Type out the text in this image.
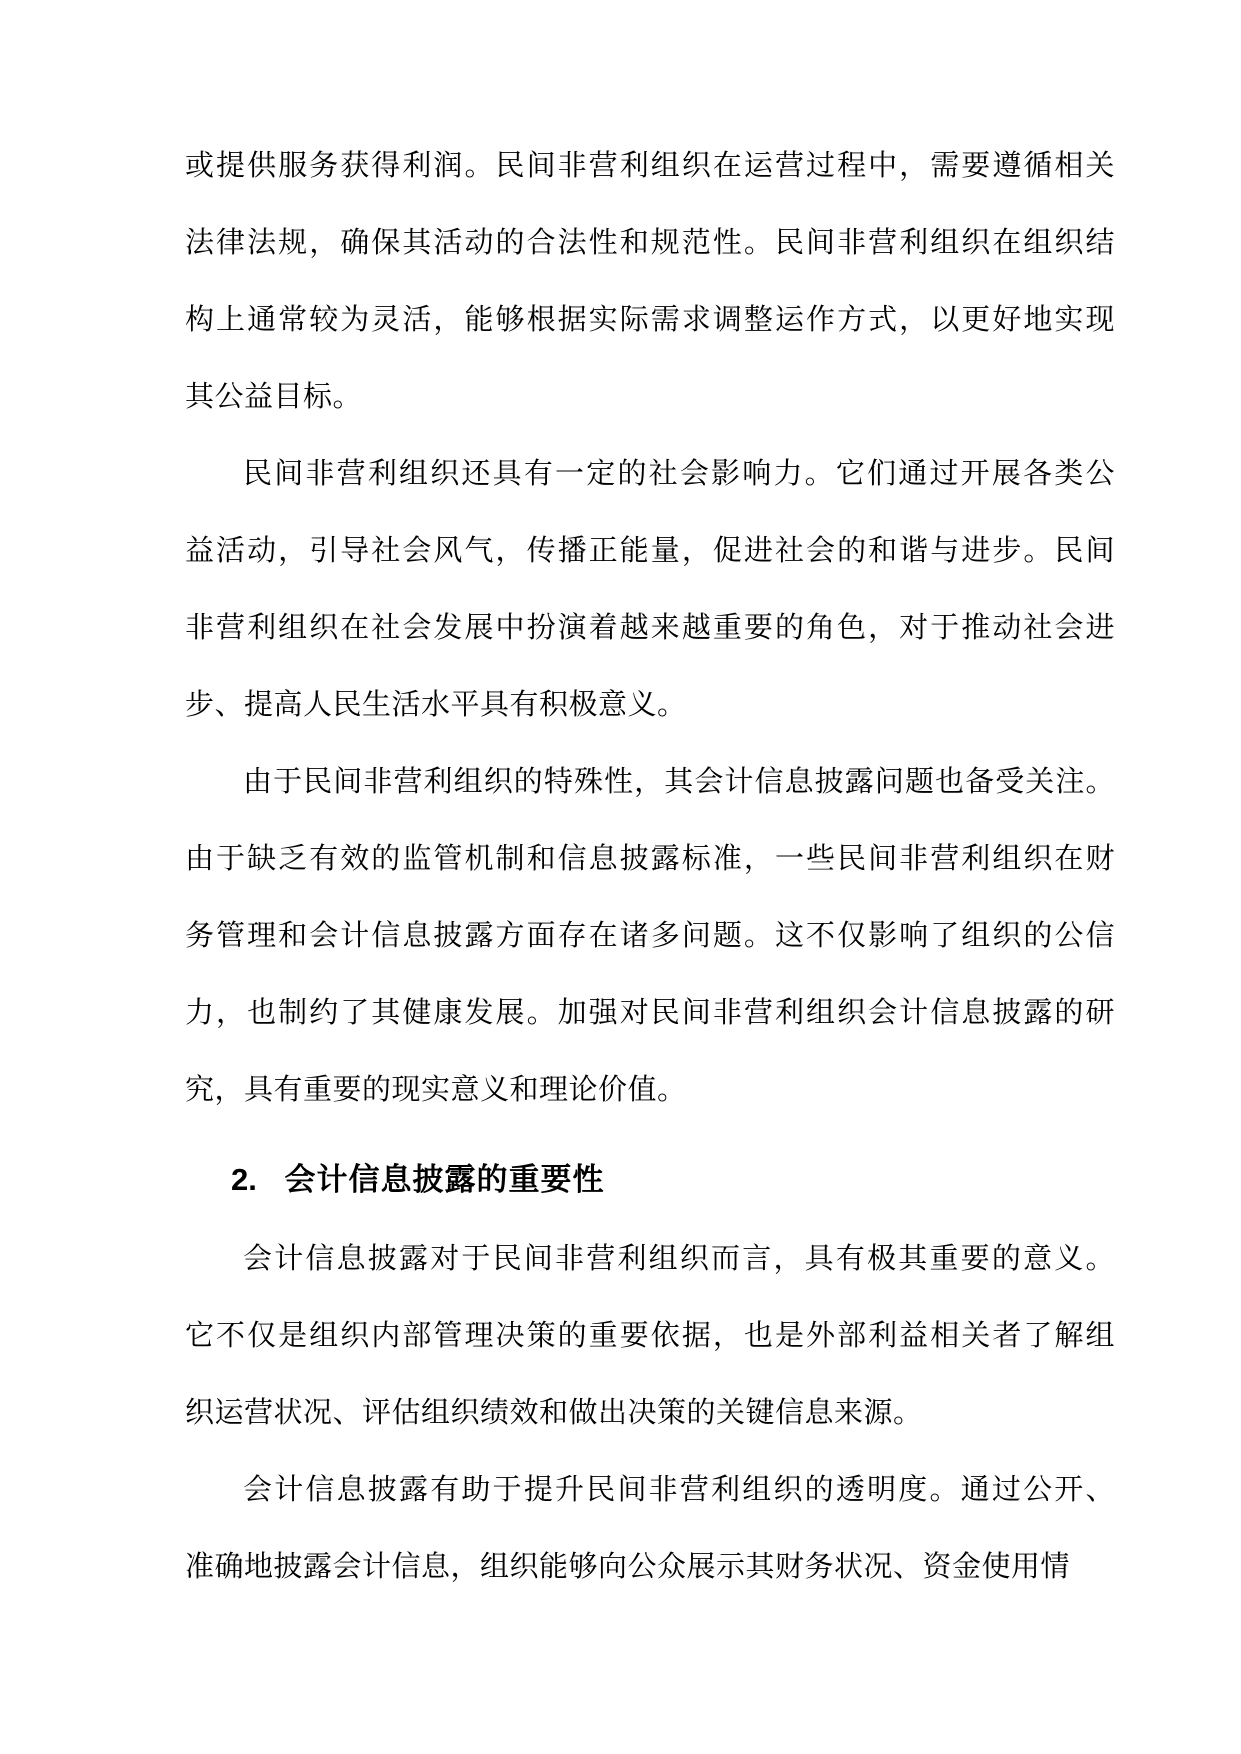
或提供服务获得利润。民间非营利组织在运营过程中，需要遵循相关
法律法规，确保其活动的合法性和规范性。民间非营利组织在组织结
构上通常较为灵活，能够根据实际需求调整运作方式，以更好地实现
其公益目标。
民间非营利组织还具有一定的社会影响力。它们通过开展各类公
益活动，引导社会风气，传播正能量，促进社会的和谐与进步。民间
非营利组织在社会发展中扮演着越来越重要的角色，对于推动社会进
步、提高人民生活水平具有积极意义。
由于民间非营利组织的特殊性，其会计信息披露问题也备受关注。
由于缺乏有效的监管机制和信息披露标准，一些民间非营利组织在财
务管理和会计信息披露方面存在诸多问题。这不仅影响了组织的公信
力，也制约了其健康发展。加强对民间非营利组织会计信息披露的研
究，具有重要的现实意义和理论价值。
2. 会计信息披露的重要性
会计信息披露对于民间非营利组织而言，具有极其重要的意义。
它不仅是组织内部管理决策的重要依据，也是外部利益相关者了解组
织运营状况、评估组织绩效和做出决策的关键信息来源。
会计信息披露有助于提升民间非营利组织的透明度。通过公开、
准确地披露会计信息，组织能够向公众展示其财务状况、资金使用情
